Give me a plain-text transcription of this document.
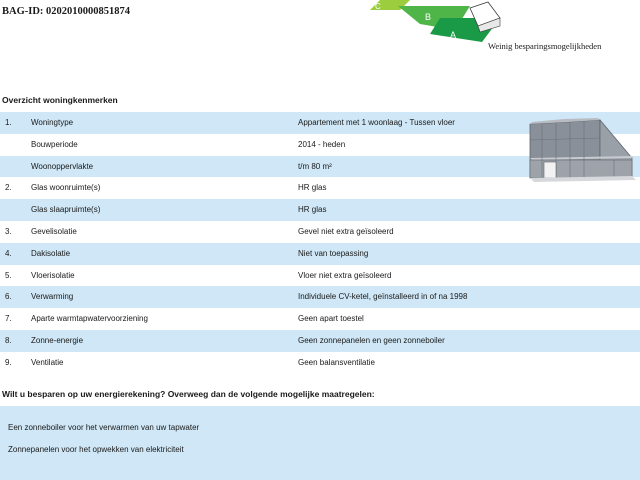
BAG-ID: 0202010000851874	C
B
A
Weinig besparingsmogelijkheden
Overzicht woningkenmerken
1. Woningtype	Appartement met 1 woonlaag - Tussen vloer
Bouwperiode	2014 - heden
Woonoppervlakte	t/m 80 m²
2. Glas woonruimte(s)	HR glas
Glas slaapruimte(s)	HR glas
3. Gevelisolatie	Gevel niet extra geïsoleerd
4. Dakisolatie	Niet van toepassing
5. Vloerisolatie	Vloer niet extra geïsoleerd
6. Verwarming	Individuele CV-ketel, geïnstalleerd in of na 1998
7. Aparte warmtapwatervoorziening	Geen apart toestel
8. Zonne-energie	Geen zonnepanelen en geen zonneboiler
9. Ventilatie	Geen balansventilatie
Wilt u besparen op uw energierekening? Overweeg dan de volgende mogelijke maatregelen:
Een zonneboiler voor het verwarmen van uw tapwater
Zonnepanelen voor het opwekken van elektriciteit
